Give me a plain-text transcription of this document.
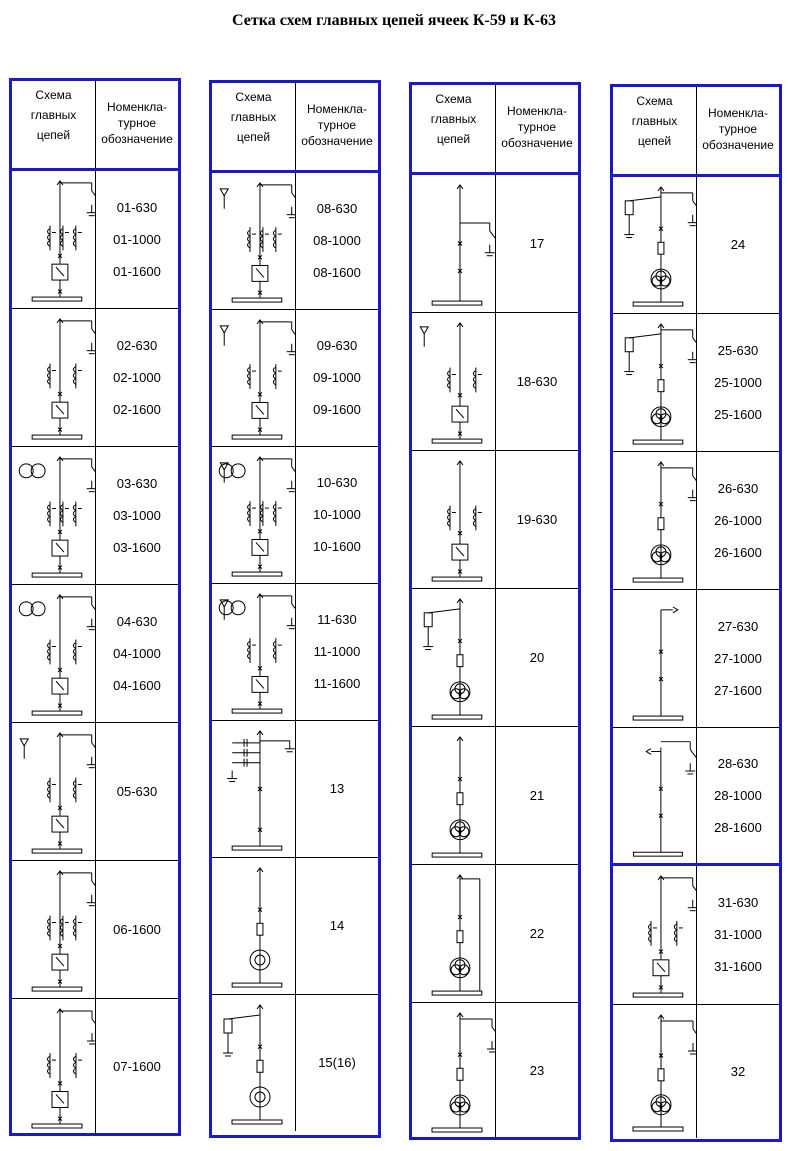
Сетка схем главных цепей ячеек К-59 и К-63
Схема
главных
цепей
Номенкла-
турное
обозначение
01-630
01-1000
01-1600
02-630
02-1000
02-1600
03-630
03-1000
03-1600
04-630
04-1000
04-1600
05-630
06-1600
07-1600
Схема
главных
цепей
Номенкла-
турное
обозначение
08-630
08-1000
08-1600
09-630
09-1000
09-1600
10-630
10-1000
10-1600
11-630
11-1000
11-1600
13
14
15(16)
Схема
главных
цепей
Номенкла-
турное
обозначение
17
18-630
19-630
20
21
22
23
Схема
главных
цепей
Номенкла-
турное
обозначение
24
25-630
25-1000
25-1600
26-630
26-1000
26-1600
27-630
27-1000
27-1600
28-630
28-1000
28-1600
31-630
31-1000
31-1600
32
